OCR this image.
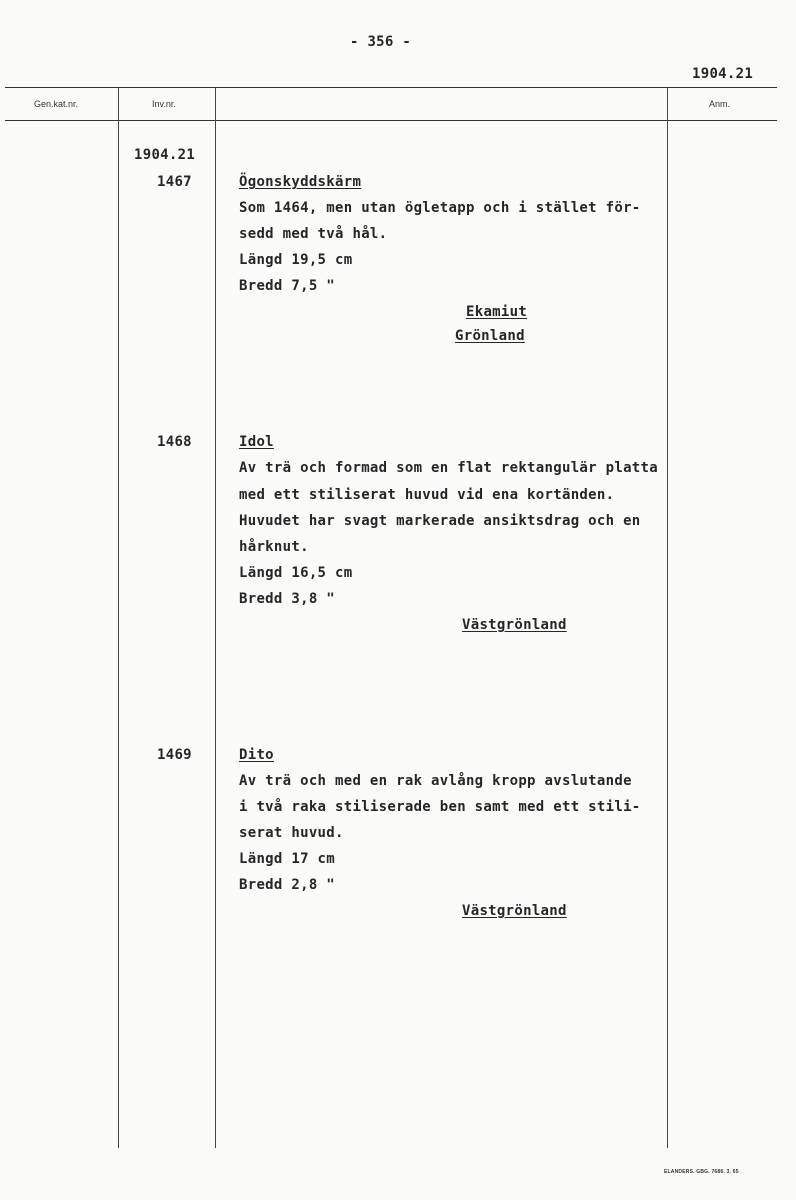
- 356 -
1904.21
Gen.kat.nr.	Inv.nr.	Anm.
1904.21
1467	Ögonskyddskärm
Som 1464, men utan ögletapp och i stället för-
sedd med två hål.
Längd 19,5 cm
Bredd 7,5 "
Ekamiut
Grönland
1468	Idol
Av trä och formad som en flat rektangulär platta
med ett stiliserat huvud vid ena kortänden.
Huvudet har svagt markerade ansiktsdrag och en
hårknut.
Längd 16,5 cm
Bredd 3,8 "
Västgrönland
1469	Dito
Av trä och med en rak avlång kropp avslutande
i två raka stiliserade ben samt med ett stili-
serat huvud.
Längd 17 cm
Bredd 2,8 "
Västgrönland
ELANDERS. GBG. 7686. 3. 65
